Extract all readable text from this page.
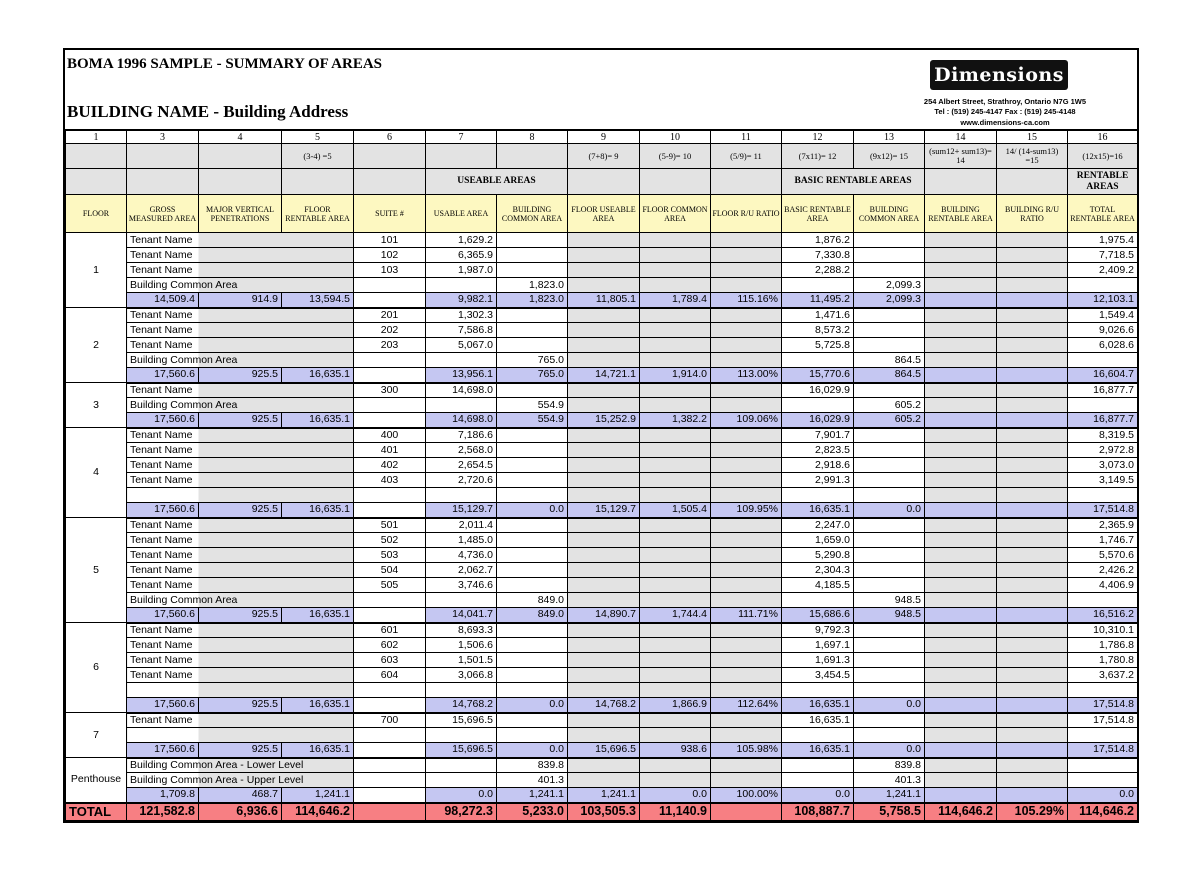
BOMA 1996 SAMPLE - SUMMARY OF AREAS
BUILDING NAME - Building Address
Dimensions
254 Albert Street, Strathroy, Ontario N7G 1W5
Tel : (519) 245-4147 Fax : (519) 245-4148
www.dimensions-ca.com
1	3	4	5	6	7	8	9	10	11	12	13	14	15	16
			(3-4) =5				(7+8)= 9	(5-9)= 10	(5/9)= 11	(7x11)= 12	(9x12)= 15	(sum12+ sum13)= 14	14/ (14-sum13) =15	(12x15)=16
					USEABLE AREAS					BASIC RENTABLE AREAS				RENTABLE AREAS
FLOOR	GROSS MEASURED AREA	MAJOR VERTICAL PENETRATIONS	FLOOR RENTABLE AREA	SUITE #	USABLE AREA	BUILDING COMMON AREA	FLOOR USEABLE AREA	FLOOR COMMON AREA	FLOOR R/U RATIO	BASIC RENTABLE AREA	BUILDING COMMON AREA	BUILDING RENTABLE AREA	BUILDING R/U RATIO	TOTAL RENTABLE AREA
1	Tenant Name			101	1,629.2					1,876.2				1,975.4
	Tenant Name			102	6,365.9					7,330.8				7,718.5
	Tenant Name			103	1,987.0					2,288.2				2,409.2
	Building Common Area					1,823.0					2,099.3			
	14,509.4	914.9	13,594.5		9,982.1	1,823.0	11,805.1	1,789.4	115.16%	11,495.2	2,099.3			12,103.1
2	Tenant Name			201	1,302.3					1,471.6				1,549.4
	Tenant Name			202	7,586.8					8,573.2				9,026.6
	Tenant Name			203	5,067.0					5,725.8				6,028.6
	Building Common Area					765.0					864.5			
	17,560.6	925.5	16,635.1		13,956.1	765.0	14,721.1	1,914.0	113.00%	15,770.6	864.5			16,604.7
3	Tenant Name			300	14,698.0					16,029.9				16,877.7
	Building Common Area					554.9					605.2			
	17,560.6	925.5	16,635.1		14,698.0	554.9	15,252.9	1,382.2	109.06%	16,029.9	605.2			16,877.7
4	Tenant Name			400	7,186.6					7,901.7				8,319.5
	Tenant Name			401	2,568.0					2,823.5				2,972.8
	Tenant Name			402	2,654.5					2,918.6				3,073.0
	Tenant Name			403	2,720.6					2,991.3				3,149.5

	17,560.6	925.5	16,635.1		15,129.7	0.0	15,129.7	1,505.4	109.95%	16,635.1	0.0			17,514.8
5	Tenant Name			501	2,011.4					2,247.0				2,365.9
	Tenant Name			502	1,485.0					1,659.0				1,746.7
	Tenant Name			503	4,736.0					5,290.8				5,570.6
	Tenant Name			504	2,062.7					2,304.3				2,426.2
	Tenant Name			505	3,746.6					4,185.5				4,406.9
	Building Common Area					849.0					948.5			
	17,560.6	925.5	16,635.1		14,041.7	849.0	14,890.7	1,744.4	111.71%	15,686.6	948.5			16,516.2
6	Tenant Name			601	8,693.3					9,792.3				10,310.1
	Tenant Name			602	1,506.6					1,697.1				1,786.8
	Tenant Name			603	1,501.5					1,691.3				1,780.8
	Tenant Name			604	3,066.8					3,454.5				3,637.2

	17,560.6	925.5	16,635.1		14,768.2	0.0	14,768.2	1,866.9	112.64%	16,635.1	0.0			17,514.8
7	Tenant Name			700	15,696.5					16,635.1				17,514.8

	17,560.6	925.5	16,635.1		15,696.5	0.0	15,696.5	938.6	105.98%	16,635.1	0.0			17,514.8
Penthouse	Building Common Area - Lower Level					839.8					839.8			
	Building Common Area - Upper Level					401.3					401.3			
	1,709.8	468.7	1,241.1		0.0	1,241.1	1,241.1	0.0	100.00%	0.0	1,241.1			0.0
TOTAL	121,582.8	6,936.6	114,646.2		98,272.3	5,233.0	103,505.3	11,140.9		108,887.7	5,758.5	114,646.2	105.29%	114,646.2
